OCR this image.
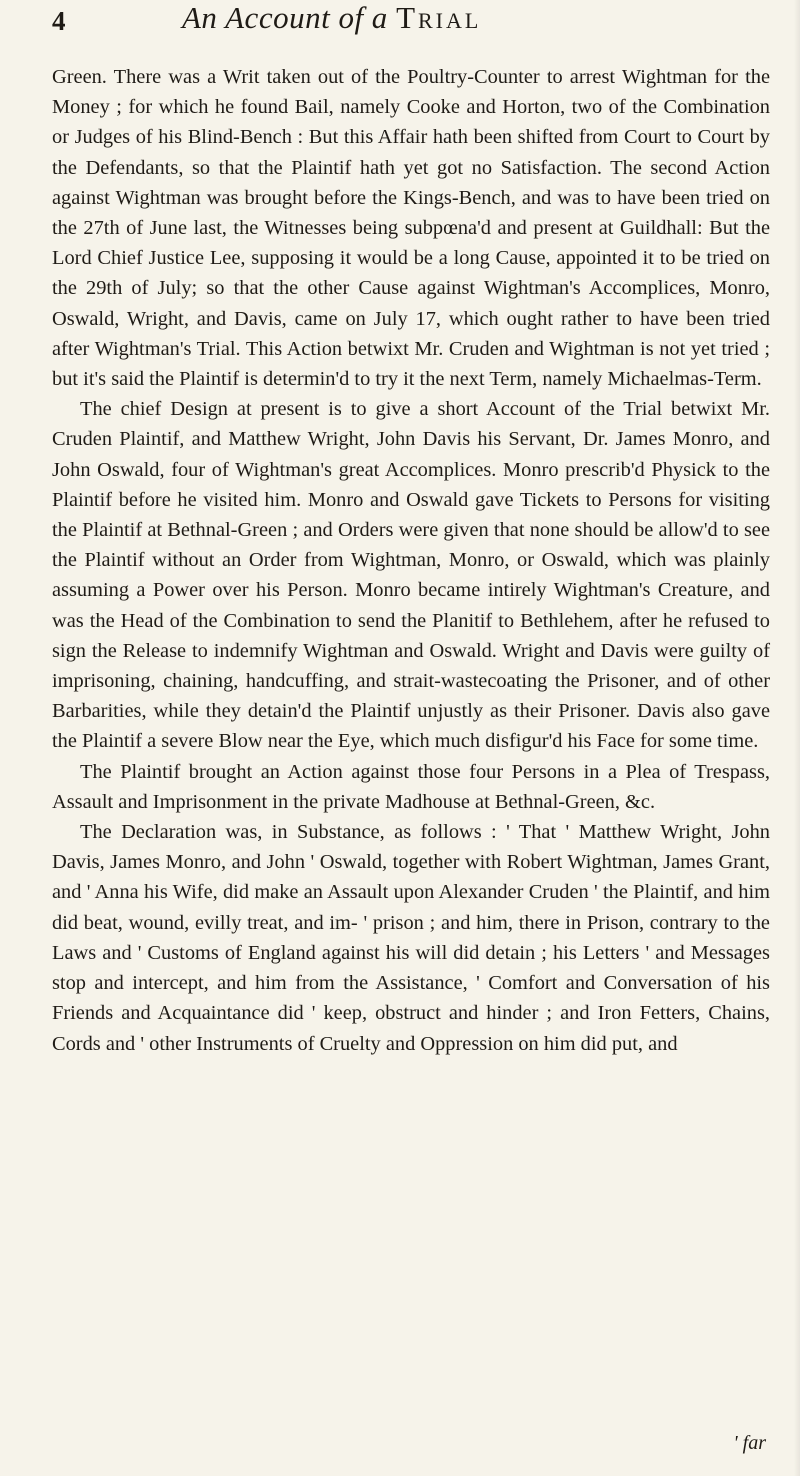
4	An Account of a Trial

Green. There was a Writ taken out of the Poultry-Counter to arrest Wightman for the Money ; for which he found Bail, namely Cooke and Horton, two of the Combination or Judges of his Blind-Bench : But this Affair hath been shifted from Court to Court by the Defendants, so that the Plaintif hath yet got no Satisfaction. The second Action against Wightman was brought before the Kings-Bench, and was to have been tried on the 27th of June last, the Witnesses being subpœna'd and present at Guildhall: But the Lord Chief Justice Lee, supposing it would be a long Cause, appointed it to be tried on the 29th of July; so that the other Cause against Wightman's Accomplices, Monro, Oswald, Wright, and Davis, came on July 17, which ought rather to have been tried after Wightman's Trial. This Action betwixt Mr. Cruden and Wightman is not yet tried ; but it's said the Plaintif is determin'd to try it the next Term, namely Michaelmas-Term.

The chief Design at present is to give a short Account of the Trial betwixt Mr. Cruden Plaintif, and Matthew Wright, John Davis his Servant, Dr. James Monro, and John Oswald, four of Wightman's great Accomplices. Monro prescrib'd Physick to the Plaintif before he visited him. Monro and Oswald gave Tickets to Persons for visiting the Plaintif at Bethnal-Green ; and Orders were given that none should be allow'd to see the Plaintif without an Order from Wightman, Monro, or Oswald, which was plainly assuming a Power over his Person. Monro became intirely Wightman's Creature, and was the Head of the Combination to send the Planitif to Bethlehem, after he refused to sign the Release to indemnify Wightman and Oswald. Wright and Davis were guilty of imprisoning, chaining, handcuffing, and strait-wastecoating the Prisoner, and of other Barbarities, while they detain'd the Plaintif unjustly as their Prisoner. Davis also gave the Plaintif a severe Blow near the Eye, which much disfigur'd his Face for some time.

The Plaintif brought an Action against those four Persons in a Plea of Trespass, Assault and Imprisonment in the private Madhouse at Bethnal-Green, &c.

The Declaration was, in Substance, as follows : ' That ' Matthew Wright, John Davis, James Monro, and John ' Oswald, together with Robert Wightman, James Grant, and ' Anna his Wife, did make an Assault upon Alexander Cruden ' the Plaintif, and him did beat, wound, evilly treat, and im- ' prison ; and him, there in Prison, contrary to the Laws and ' Customs of England against his will did detain ; his Letters ' and Messages stop and intercept, and him from the Assistance, ' Comfort and Conversation of his Friends and Acquaintance did ' keep, obstruct and hinder ; and Iron Fetters, Chains, Cords and ' other Instruments of Cruelty and Oppression on him did put, and

' far
